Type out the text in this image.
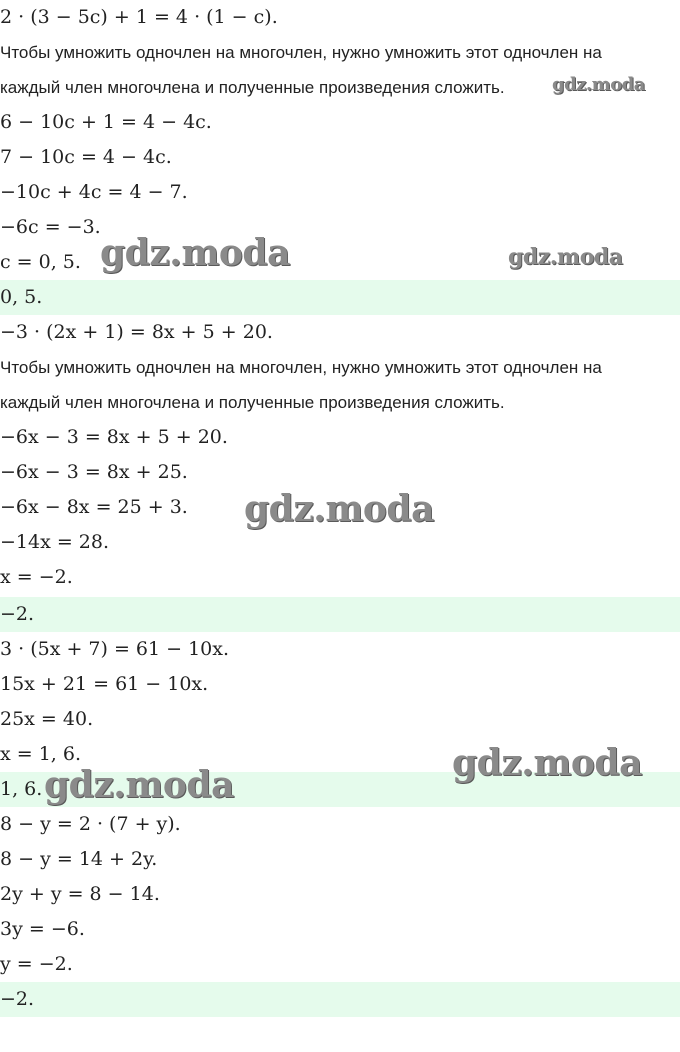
2 · (3 − 5c) + 1 = 4 · (1 − c).
Чтобы умножить одночлен на многочлен, нужно умножить этот одночлен на
каждый член многочлена и полученные произведения сложить.
6 − 10c + 1 = 4 − 4c.
7 − 10c = 4 − 4c.
−10c + 4c = 4 − 7.
−6c = −3.
c = 0, 5.
0, 5.
−3 · (2x + 1) = 8x + 5 + 20.
Чтобы умножить одночлен на многочлен, нужно умножить этот одночлен на
каждый член многочлена и полученные произведения сложить.
−6x − 3 = 8x + 5 + 20.
−6x − 3 = 8x + 25.
−6x − 8x = 25 + 3.
−14x = 28.
x = −2.
−2.
3 · (5x + 7) = 61 − 10x.
15x + 21 = 61 − 10x.
25x = 40.
x = 1, 6.
1, 6.
8 − y = 2 · (7 + y).
8 − y = 14 + 2y.
2y + y = 8 − 14.
3y = −6.
y = −2.
−2.
gdz.moda
gdz.moda	gdz.moda
gdz.moda
gdz.moda
gdz.moda
